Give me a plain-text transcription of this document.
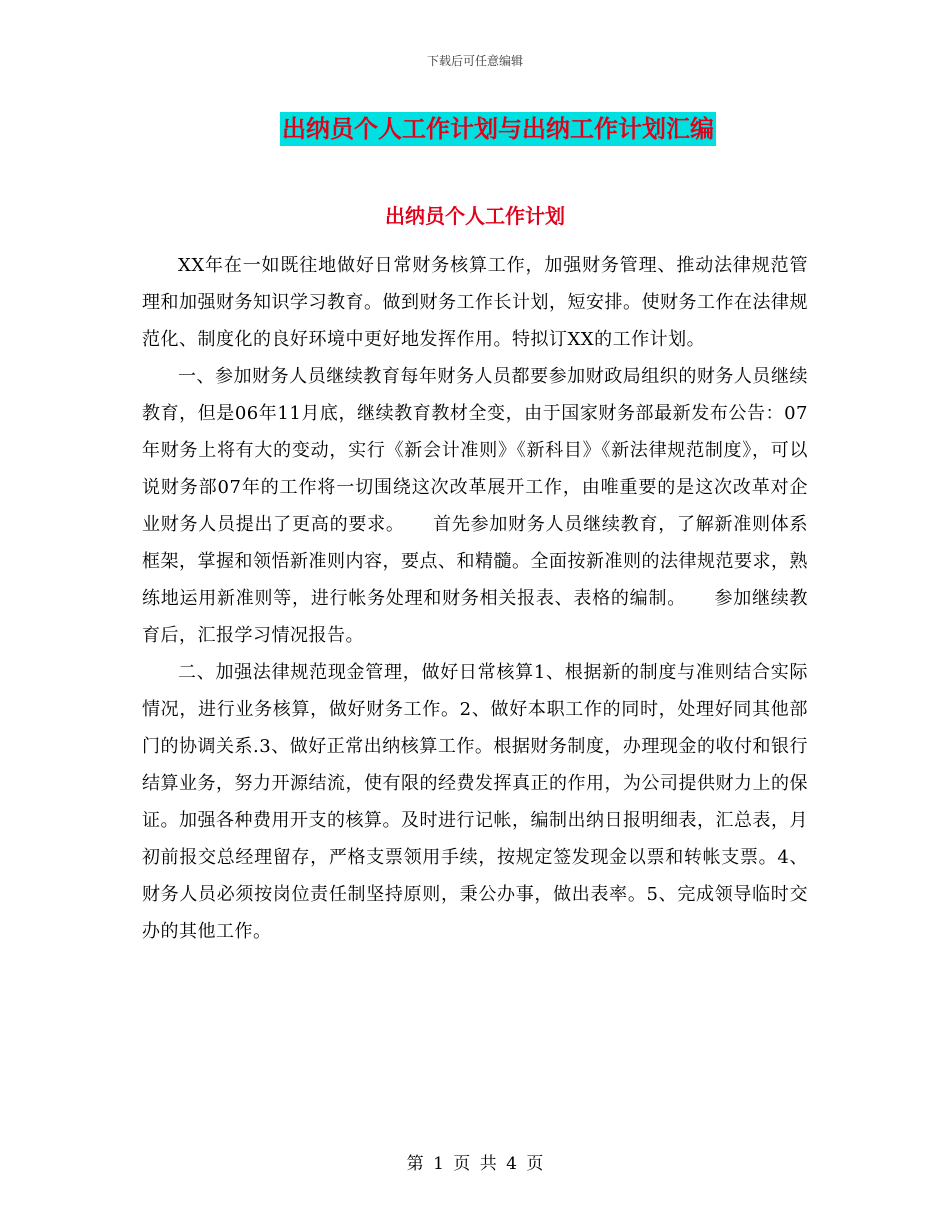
下载后可任意编辑
出纳员个人工作计划与出纳工作计划汇编
出纳员个人工作计划

XX年在一如既往地做好日常财务核算工作，加强财务管理、推动法律规范管理和加强财务知识学习教育。做到财务工作长计划，短安排。使财务工作在法律规范化、制度化的良好环境中更好地发挥作用。特拟订XX的工作计划。

一、参加财务人员继续教育每年财务人员都要参加财政局组织的财务人员继续教育，但是06年11月底，继续教育教材全变，由于国家财务部最新发布公告：07年财务上将有大的变动，实行《新会计准则》《新科目》《新法律规范制度》，可以说财务部07年的工作将一切围绕这次改革展开工作，由唯重要的是这次改革对企业财务人员提出了更高的要求。　　首先参加财务人员继续教育，了解新准则体系框架，掌握和领悟新准则内容，要点、和精髓。全面按新准则的法律规范要求，熟练地运用新准则等，进行帐务处理和财务相关报表、表格的编制。　　参加继续教育后，汇报学习情况报告。

二、加强法律规范现金管理，做好日常核算1、根据新的制度与准则结合实际情况，进行业务核算，做好财务工作。2、做好本职工作的同时，处理好同其他部门的协调关系.3、做好正常出纳核算工作。根据财务制度，办理现金的收付和银行结算业务，努力开源结流，使有限的经费发挥真正的作用，为公司提供财力上的保证。加强各种费用开支的核算。及时进行记帐，编制出纳日报明细表，汇总表，月初前报交总经理留存，严格支票领用手续，按规定签发现金以票和转帐支票。4、财务人员必须按岗位责任制坚持原则，秉公办事，做出表率。5、完成领导临时交办的其他工作。

第 1 页 共 4 页
